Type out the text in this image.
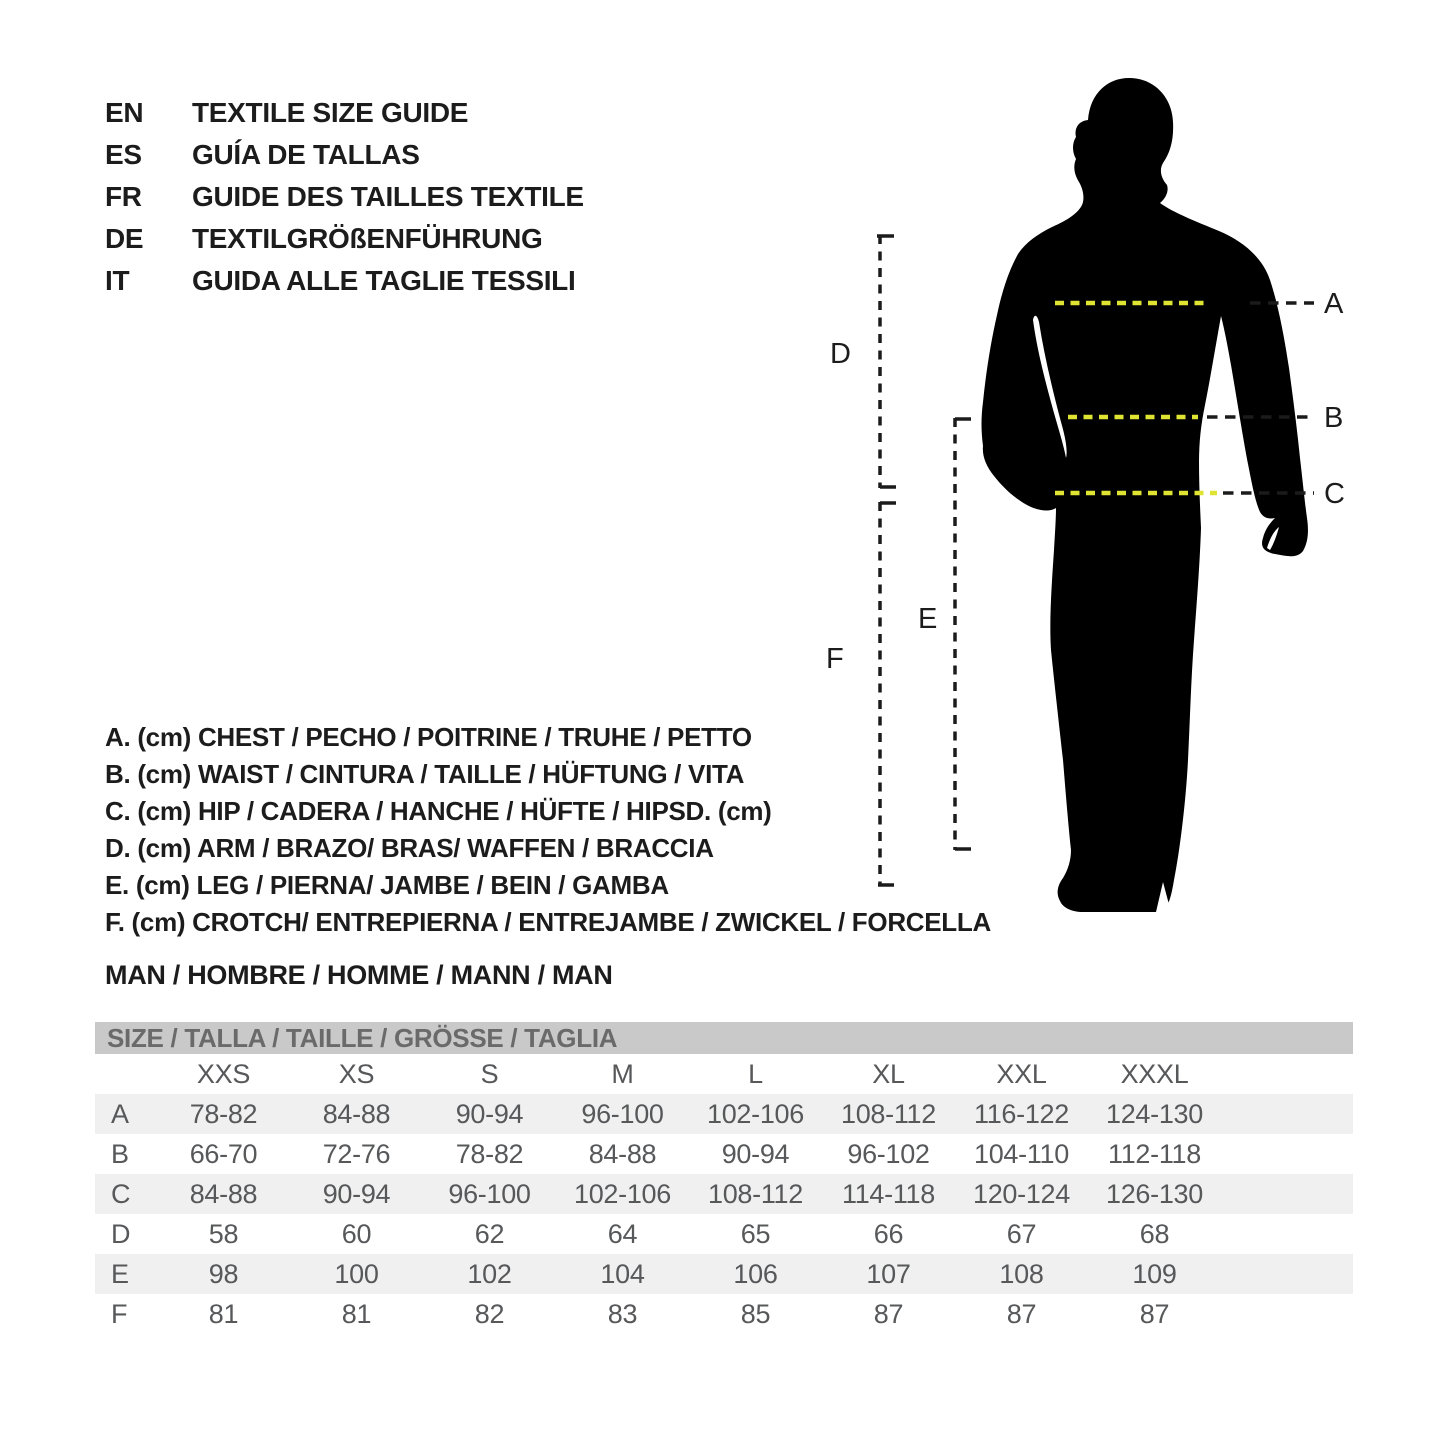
EN	TEXTILE SIZE GUIDE
ES	GUÍA DE TALLAS
FR	GUIDE DES TAILLES TEXTILE
DE	TEXTILGRÖßENFÜHRUNG
IT	GUIDA ALLE TAGLIE TESSILI
A. (cm) CHEST / PECHO / POITRINE / TRUHE / PETTO
B. (cm) WAIST / CINTURA / TAILLE / HÜFTUNG / VITA
C. (cm) HIP / CADERA / HANCHE / HÜFTE / HIPSD. (cm)
D. (cm) ARM / BRAZO/ BRAS/ WAFFEN / BRACCIA
E. (cm) LEG / PIERNA/ JAMBE / BEIN / GAMBA
F. (cm) CROTCH/ ENTREPIERNA / ENTREJAMBE / ZWICKEL / FORCELLA
MAN / HOMBRE / HOMME / MANN / MAN
A
B
C
D
E
F
SIZE / TALLA / TAILLE / GRÖSSE / TAGLIA
XXS	XS	S	M	L	XL	XXL	XXXL
A	78-82	84-88	90-94	96-100	102-106	108-112	116-122	124-130
B	66-70	72-76	78-82	84-88	90-94	96-102	104-110	112-118
C	84-88	90-94	96-100	102-106	108-112	114-118	120-124	126-130
D	58	60	62	64	65	66	67	68
E	98	100	102	104	106	107	108	109
F	81	81	82	83	85	87	87	87
